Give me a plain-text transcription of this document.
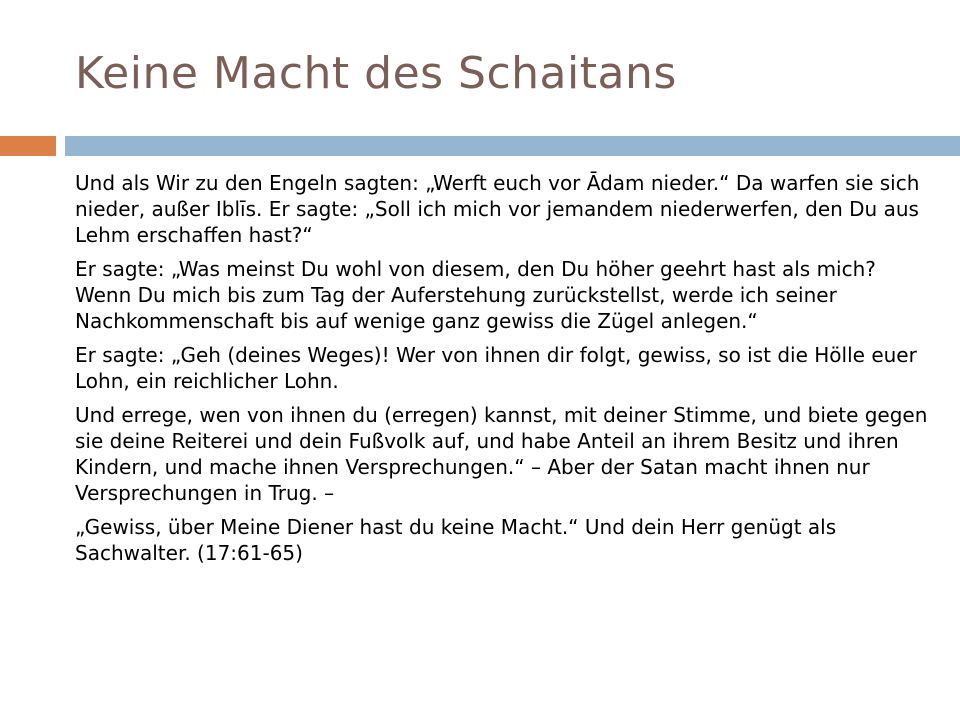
Keine Macht des Schaitans

Und als Wir zu den Engeln sagten: „Werft euch vor Ādam nieder.“ Da warfen sie sich nieder, außer Iblīs. Er sagte: „Soll ich mich vor jemandem niederwerfen, den Du aus Lehm erschaffen hast?“

Er sagte: „Was meinst Du wohl von diesem, den Du höher geehrt hast als mich? Wenn Du mich bis zum Tag der Auferstehung zurückstellst, werde ich seiner Nachkommenschaft bis auf wenige ganz gewiss die Zügel anlegen.“

Er sagte: „Geh (deines Weges)! Wer von ihnen dir folgt, gewiss, so ist die Hölle euer Lohn, ein reichlicher Lohn.

Und errege, wen von ihnen du (erregen) kannst, mit deiner Stimme, und biete gegen sie deine Reiterei und dein Fußvolk auf, und habe Anteil an ihrem Besitz und ihren Kindern, und mache ihnen Versprechungen.“ – Aber der Satan macht ihnen nur Versprechungen in Trug. –

„Gewiss, über Meine Diener hast du keine Macht.“ Und dein Herr genügt als Sachwalter. (17:61-65)
